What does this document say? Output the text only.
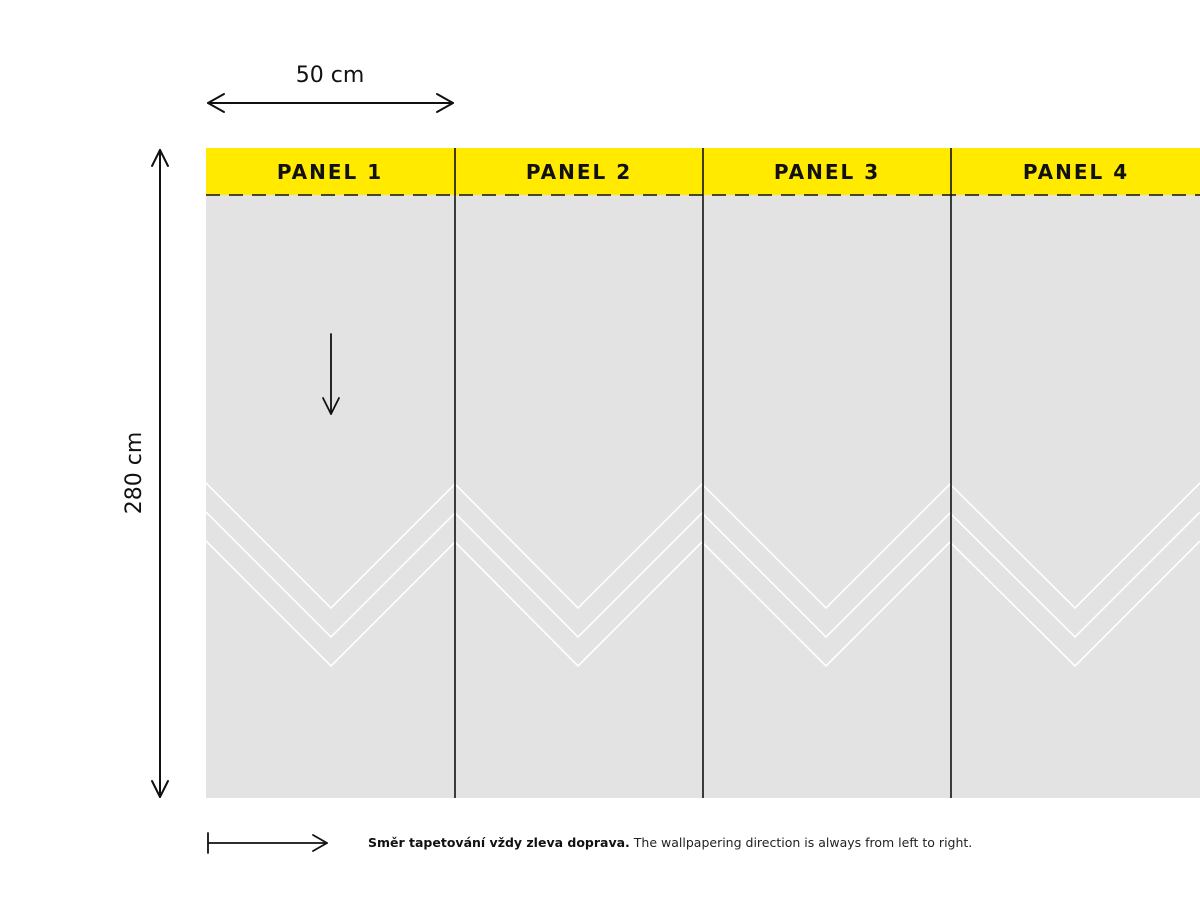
PANEL 1	PANEL 2	PANEL 3	PANEL 4
50 cm
280 cm
Směr tapetování vždy zleva doprava. The wallpapering direction is always from left to right.
